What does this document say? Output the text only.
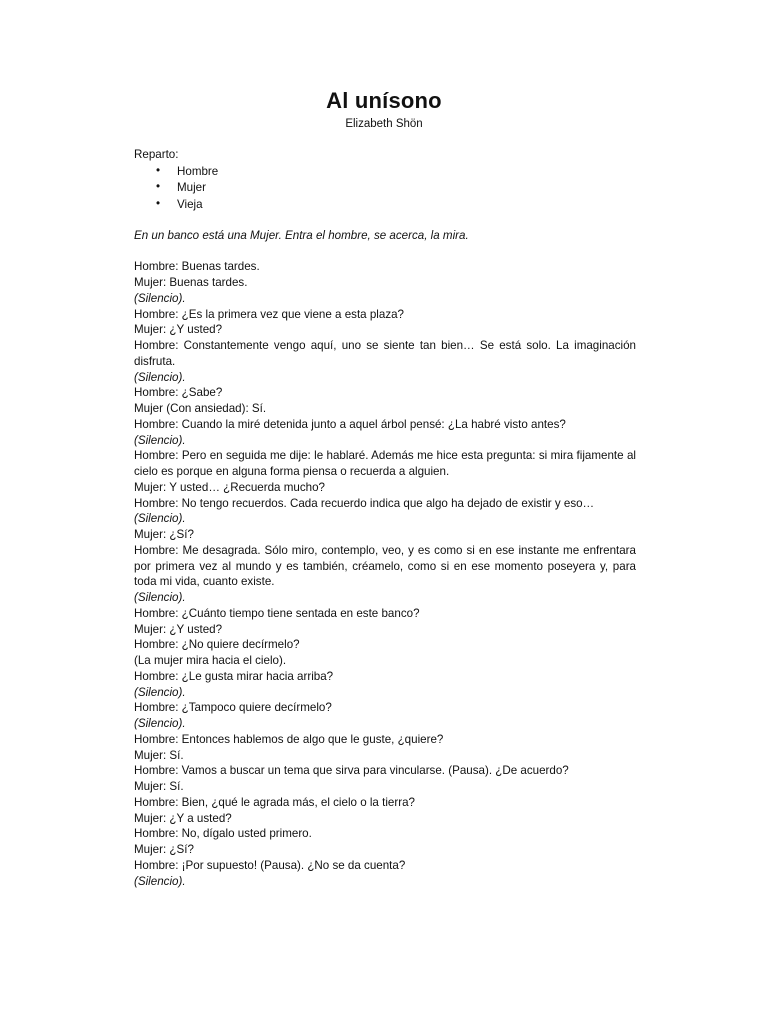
Al unísono
Elizabeth Shön

Reparto:

• Hombre
• Mujer
• Vieja

En un banco está una Mujer. Entra el hombre, se acerca, la mira.

Hombre: Buenas tardes.

Mujer: Buenas tardes.

(Silencio).

Hombre: ¿Es la primera vez que viene a esta plaza?

Mujer: ¿Y usted?

Hombre: Constantemente vengo aquí, uno se siente tan bien… Se está solo. La imaginación disfruta.

(Silencio).

Hombre: ¿Sabe?

Mujer (Con ansiedad): Sí.

Hombre: Cuando la miré detenida junto a aquel árbol pensé: ¿La habré visto antes?

(Silencio).

Hombre: Pero en seguida me dije: le hablaré. Además me hice esta pregunta: si mira fijamente al cielo es porque en alguna forma piensa o recuerda a alguien.

Mujer: Y usted… ¿Recuerda mucho?

Hombre: No tengo recuerdos. Cada recuerdo indica que algo ha dejado de existir y eso…

(Silencio).

Mujer: ¿Sí?

Hombre: Me desagrada. Sólo miro, contemplo, veo, y es como si en ese instante me enfrentara por primera vez al mundo y es también, créamelo, como si en ese momento poseyera y, para toda mi vida, cuanto existe.

(Silencio).

Hombre: ¿Cuánto tiempo tiene sentada en este banco?

Mujer: ¿Y usted?

Hombre: ¿No quiere decírmelo?

(La mujer mira hacia el cielo).

Hombre: ¿Le gusta mirar hacia arriba?

(Silencio).

Hombre: ¿Tampoco quiere decírmelo?

(Silencio).

Hombre: Entonces hablemos de algo que le guste, ¿quiere?

Mujer: Sí.

Hombre: Vamos a buscar un tema que sirva para vincularse. (Pausa). ¿De acuerdo?

Mujer: Sí.

Hombre: Bien, ¿qué le agrada más, el cielo o la tierra?

Mujer: ¿Y a usted?

Hombre: No, dígalo usted primero.

Mujer: ¿Sí?

Hombre: ¡Por supuesto! (Pausa). ¿No se da cuenta?

(Silencio).
